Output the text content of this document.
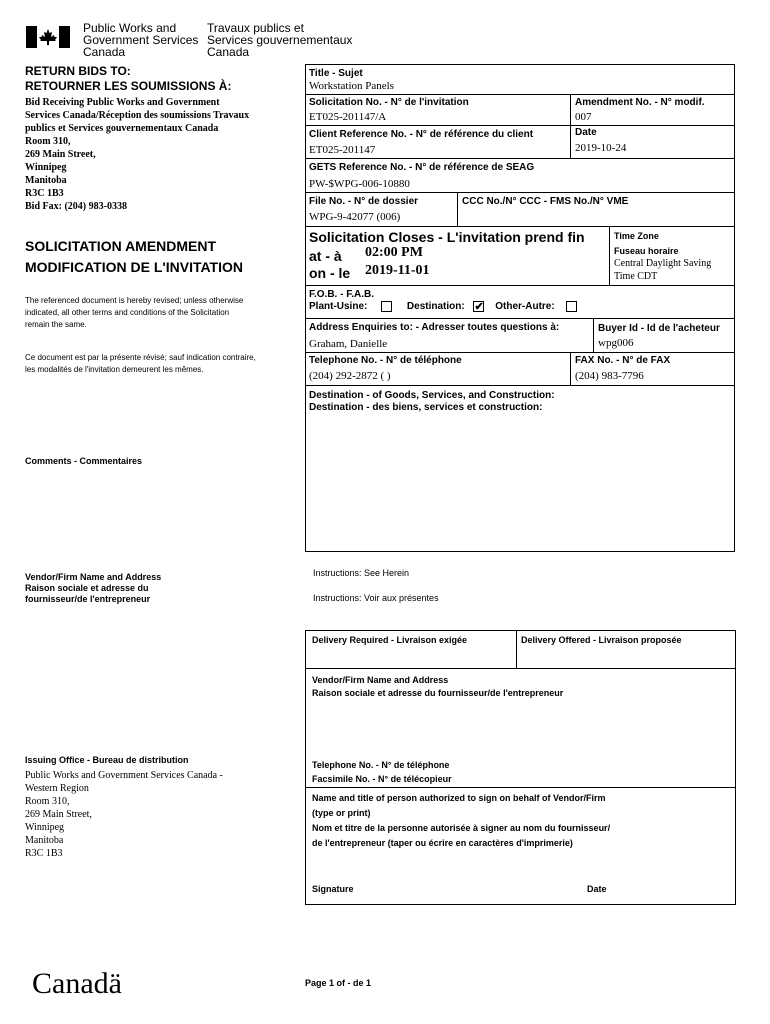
Public Works and
Government Services
Canada
Travaux publics et
Services gouvernementaux
Canada
RETURN BIDS TO:
RETOURNER LES SOUMISSIONS À:
Bid Receiving Public Works and Government
Services Canada/Réception des soumissions Travaux
publics et Services gouvernementaux Canada
Room 310,
269 Main Street,
Winnipeg
Manitoba
R3C 1B3
Bid Fax: (204) 983-0338
SOLICITATION AMENDMENT
MODIFICATION DE L'INVITATION
The referenced document is hereby revised; unless otherwise
indicated, all other terms and conditions of the Solicitation
remain the same.
Ce document est par la présente révisé; sauf indication contraire,
les modalités de l'invitation demeurent les mêmes.
Comments - Commentaires
Vendor/Firm Name and Address
Raison sociale et adresse du
fournisseur/de l'entrepreneur
Issuing Office - Bureau de distribution
Public Works and Government Services Canada -
Western Region
Room 310,
269 Main Street,
Winnipeg
Manitoba
R3C 1B3
Title - Sujet
Workstation Panels
Solicitation No. - N° de l'invitation
ET025-201147/A
Amendment No. - N° modif.
007
Client Reference No. - N° de référence du client
ET025-201147
Date
2019-10-24
GETS Reference No. - N° de référence de SEAG
PW-$WPG-006-10880
File No. - N° de dossier
WPG-9-42077 (006)
CCC No./N° CCC - FMS No./N° VME
Solicitation Closes - L'invitation prend fin
at - à 02:00 PM
on - le 2019-11-01
Time Zone
Fuseau horaire
Central Daylight Saving
Time CDT
F.O.B. - F.A.B.
Plant-Usine:	Destination: ✔ Other-Autre:
Address Enquiries to: - Adresser toutes questions à:
Graham, Danielle
Buyer Id - Id de l'acheteur
wpg006
Telephone No. - N° de téléphone
(204) 292-2872 ( )
FAX No. - N° de FAX
(204) 983-7796
Destination - of Goods, Services, and Construction:
Destination - des biens, services et construction:
Instructions: See Herein
Instructions: Voir aux présentes
Delivery Required - Livraison exigée	Delivery Offered - Livraison proposée
Vendor/Firm Name and Address
Raison sociale et adresse du fournisseur/de l'entrepreneur
Telephone No. - N° de téléphone
Facsimile No. - N° de télécopieur
Name and title of person authorized to sign on behalf of Vendor/Firm
(type or print)
Nom et titre de la personne autorisée à signer au nom du fournisseur/
de l'entrepreneur (taper ou écrire en caractères d'imprimerie)
Signature	Date
Canadä	Page 1 of - de 1
